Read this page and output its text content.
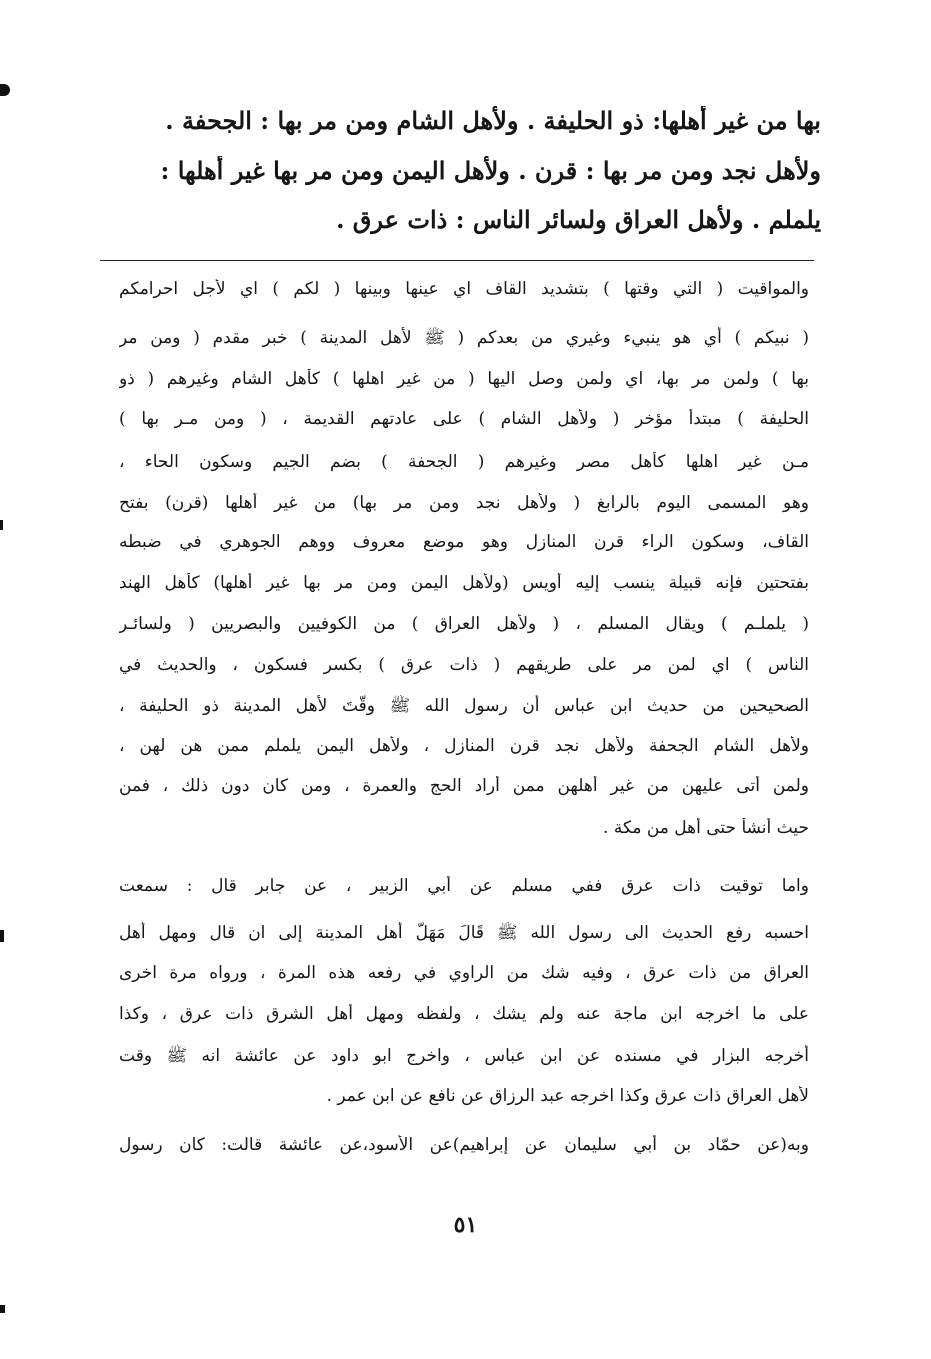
بها من غير أهلها: ذو الحليفة . ولأهل الشام ومن مر بها : الجحفة .
ولأهل نجد ومن مر بها : قرن . ولأهل اليمن ومن مر بها غير أهلها :
يلملم . ولأهل العراق ولسائر الناس : ذات عرق .
والمواقيت ( التي وقتها ) بتشديد القاف اي عينها وبينها ( لكم ) اي لأجل احرامكم
( نبيكم ) أي هو ينبيء وغيري من بعدكم ( ﷺ لأهل المدينة ) خبر مقدم ( ومن مر
بها ) ولمن مر بها، اي ولمن وصل اليها ( من غير اهلها ) كأهل الشام وغيرهم ( ذو
الحليفة ) مبتدأ مؤخر ( ولأهل الشام ) على عادتهم القديمة ، ( ومن مـر بها )
مـن غير اهلها كأهل مصر وغيرهم ( الجحفة ) بضم الجيم وسكون الحاء ،
وهو المسمى اليوم بالرابغ ( ولأهل نجد ومن مر بها) من غير أهلها (قرن) بفتح
القاف، وسكون الراء قرن المنازل وهو موضع معروف ووهم الجوهري في ضبطه
بفتحتين فإنه قبيلة ينسب إليه أويس (ولأهل اليمن ومن مر بها غير أهلها) كأهل الهند
( يلملـم ) ويقال المسلم ، ( ولأهل العراق ) من الكوفيين والبصريين ( ولسائـر
الناس ) اي لمن مر على طريقهم ( ذات عرق ) بكسر فسكون ، والحديث في
الصحيحين من حديث ابن عباس أن رسول الله ﷺ وقّتَ لأهل المدينة ذو الحليفة ،
ولأهل الشام الجحفة ولأهل نجد قرن المنازل ، ولأهل اليمن يلملم ممن هن لهن ،
ولمن أتى عليهن من غير أهلهن ممن أراد الحج والعمرة ، ومن كان دون ذلك ، فمن
حيث أنشأ حتى أهل من مكة .
واما توقيت ذات عرق ففي مسلم عن أبي الزبير ، عن جابر قال : سمعت
احسبه رفع الحديث الى رسول الله ﷺ قَالَ مَهَلُّ أهل المدينة إلى ان قال ومهل أهل
العراق من ذات عرق ، وفيه شك من الراوي في رفعه هذه المرة ، ورواه مرة اخرى
على ما اخرجه ابن ماجة عنه ولم يشك ، ولفظه ومهل أهل الشرق ذات عرق ، وكذا
أخرجه البزار في مسنده عن ابن عباس ، واخرج ابو داود عن عائشة انه ﷺ وقت
لأهل العراق ذات عرق وكذا اخرجه عبد الرزاق عن نافع عن ابن عمر .
وبه(عن حمّاد بن أبي سليمان عن إبراهيم)عن الأسود،عن عائشة قالت: كان رسول
٥١
